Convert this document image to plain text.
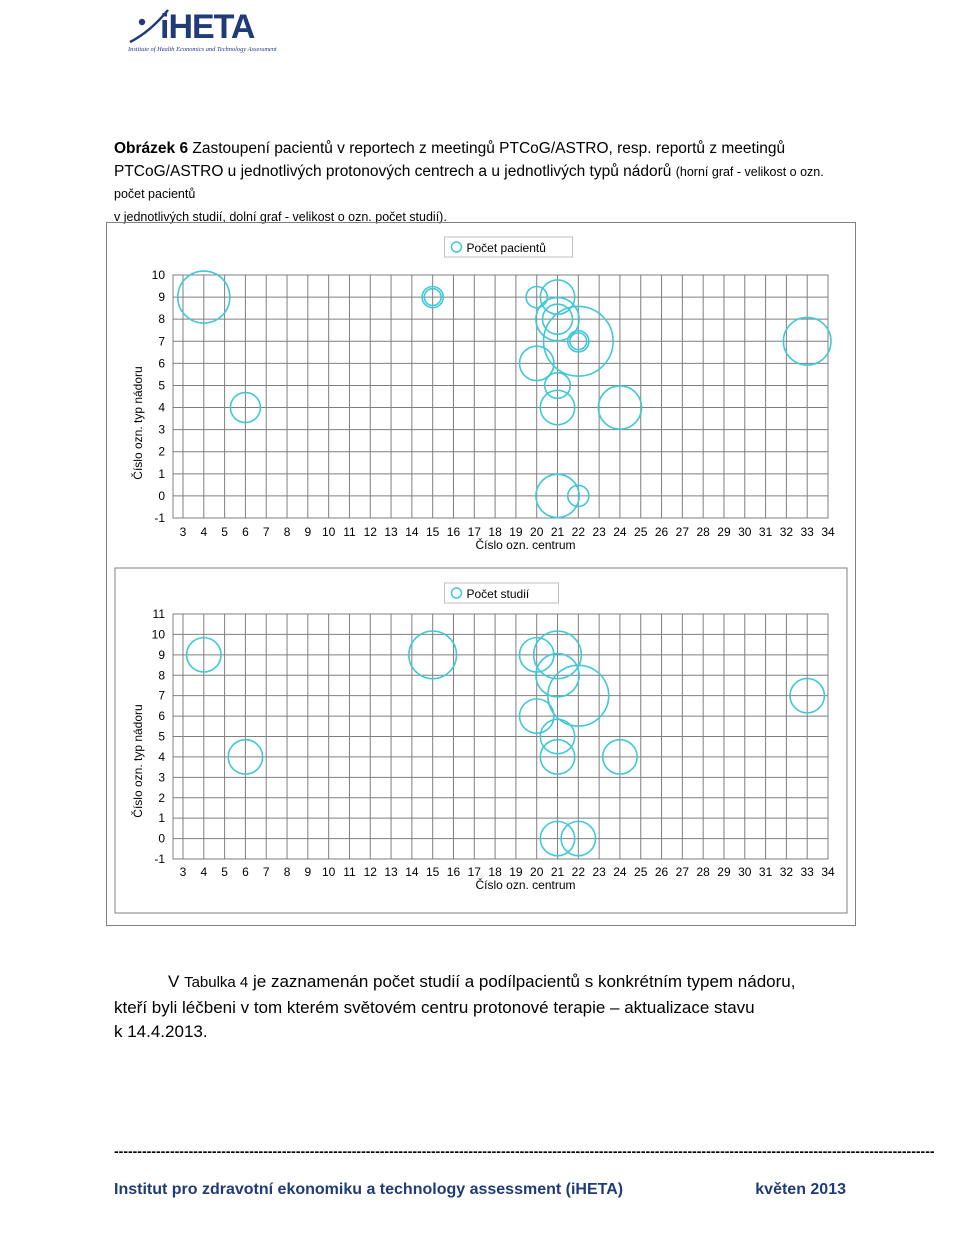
iHETA
Institute of Health Economics and Technology Assessment
Obrázek 6 Zastoupení pacientů v reportech z meetingů PTCoG/ASTRO, resp. reportů z meetingů PTCoG/ASTRO u jednotlivých protonových centrech a u jednotlivých typů nádorů (horní graf - velikost o ozn. počet pacientů
v jednotlivých studií, dolní graf - velikost o ozn. počet studií).
-1
0
1
2
3
4
5
6
7
8
9
10
3 4 5 6 7 8 9 10 11 12 13 14 15 16 17 18 19 20 21 22 23 24 25 26 27 28 29 30 31 32 33 34
Číslo ozn. centrum
Číslo ozn. typ nádoru
Počet pacientů
-1
0
1
2
3
4
5
6
7
8
9
10
11
3 4 5 6 7 8 9 10 11 12 13 14 15 16 17 18 19 20 21 22 23 24 25 26 27 28 29 30 31 32 33 34
Číslo ozn. centrum
Číslo ozn. typ nádoru
Počet studií

V Tabulka 4 je zaznamenán počet studií a podílpacientů s konkrétním typem nádoru,

kteří byli léčbeni v tom kterém světovém centru protonové terapie – aktualizace stavu

k 14.4.2013.

--------------------------------------------------------------------------------------------------------------------------------------------------------------------------------
Institut pro zdravotní ekonomiku a technology assessment (iHETA)	květen 2013
